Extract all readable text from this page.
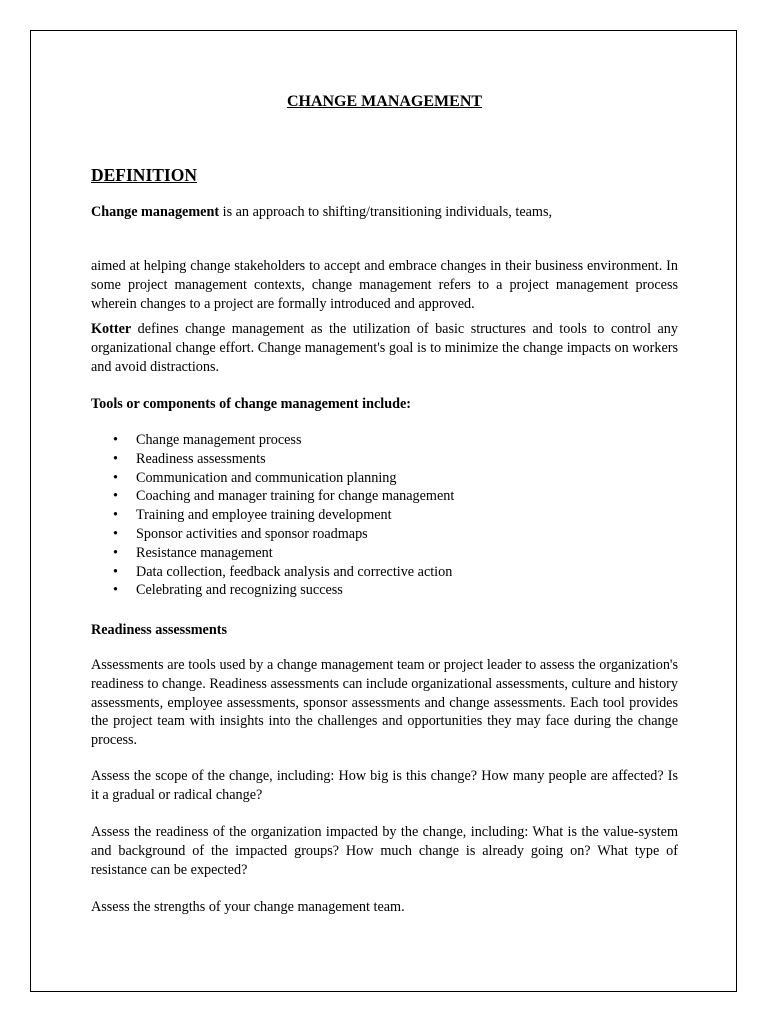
CHANGE MANAGEMENT
DEFINITION

Change management is an approach to shifting/transitioning individuals, teams,

aimed at helping change stakeholders to accept and embrace changes in their business environment. In some project management contexts, change management refers to a project management process wherein changes to a project are formally introduced and approved.

Kotter defines change management as the utilization of basic structures and tools to control any organizational change effort. Change management's goal is to minimize the change impacts on workers and avoid distractions.

Tools or components of change management include:

• Change management process
• Readiness assessments
• Communication and communication planning
• Coaching and manager training for change management
• Training and employee training development
• Sponsor activities and sponsor roadmaps
• Resistance management
• Data collection, feedback analysis and corrective action
• Celebrating and recognizing success

Readiness assessments

Assessments are tools used by a change management team or project leader to assess the organization's readiness to change. Readiness assessments can include organizational assessments, culture and history assessments, employee assessments, sponsor assessments and change assessments. Each tool provides the project team with insights into the challenges and opportunities they may face during the change process.

Assess the scope of the change, including: How big is this change? How many people are affected? Is it a gradual or radical change?

Assess the readiness of the organization impacted by the change, including: What is the value-system and background of the impacted groups? How much change is already going on? What type of resistance can be expected?

Assess the strengths of your change management team.
